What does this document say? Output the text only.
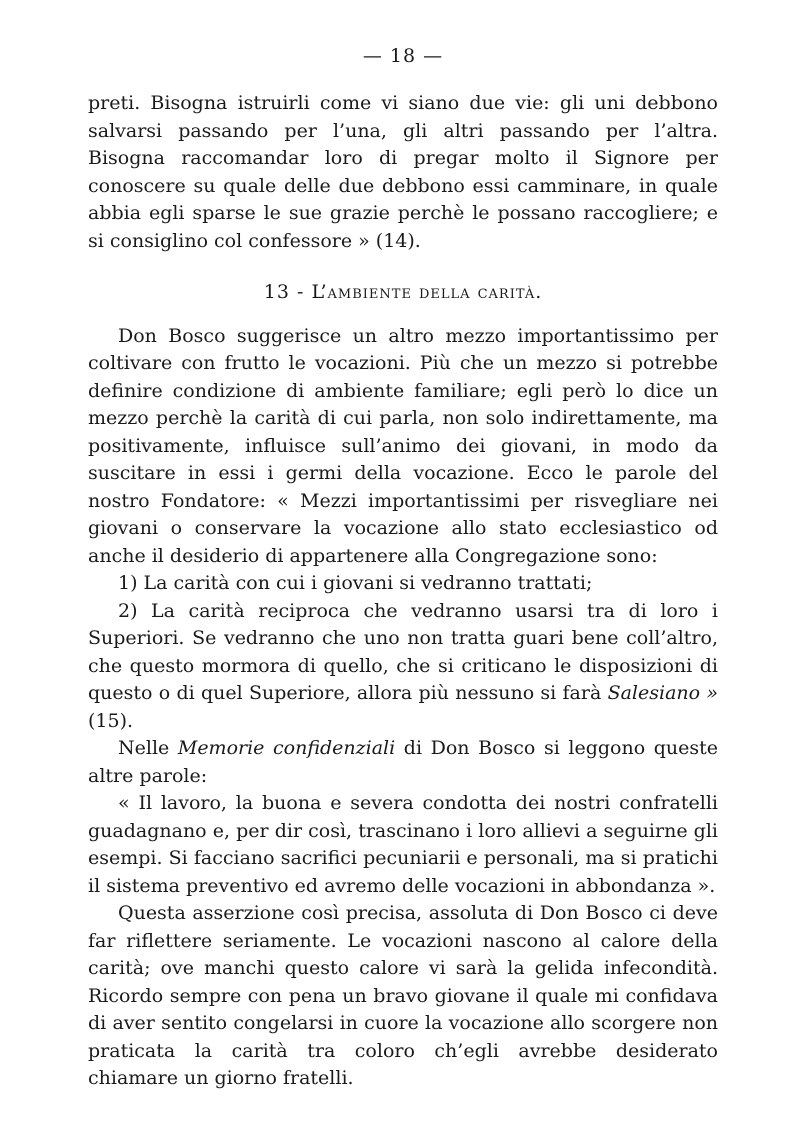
— 18 —

preti. Bisogna istruirli come vi siano due vie: gli uni debbono salvarsi passando per l’una, gli altri passando per l’altra. Bisogna raccomandar loro di pregar molto il Signore per conoscere su quale delle due debbono essi camminare, in quale abbia egli sparse le sue grazie perchè le possano raccogliere; e si consiglino col confessore » (14).

13 - L’ambiente della carità.

Don Bosco suggerisce un altro mezzo importantissimo per coltivare con frutto le vocazioni. Più che un mezzo si potrebbe definire condizione di ambiente familiare; egli però lo dice un mezzo perchè la carità di cui parla, non solo indirettamente, ma positivamente, influisce sull’animo dei giovani, in modo da suscitare in essi i germi della vocazione. Ecco le parole del nostro Fondatore: « Mezzi importantissimi per risvegliare nei giovani o conservare la vocazione allo stato ecclesiastico od anche il desiderio di appartenere alla Congregazione sono:

1) La carità con cui i giovani si vedranno trattati;

2) La carità reciproca che vedranno usarsi tra di loro i Superiori. Se vedranno che uno non tratta guari bene coll’altro, che questo mormora di quello, che si criticano le disposizioni di questo o di quel Superiore, allora più nessuno si farà Salesiano » (15).

Nelle Memorie confidenziali di Don Bosco si leggono queste altre parole:

« Il lavoro, la buona e severa condotta dei nostri confratelli guadagnano e, per dir così, trascinano i loro allievi a seguirne gli esempi. Si facciano sacrifici pecuniarii e personali, ma si pratichi il sistema preventivo ed avremo delle vocazioni in abbondanza ».

Questa asserzione così precisa, assoluta di Don Bosco ci deve far riflettere seriamente. Le vocazioni nascono al calore della carità; ove manchi questo calore vi sarà la gelida infecondità. Ricordo sempre con pena un bravo giovane il quale mi confidava di aver sentito congelarsi in cuore la vocazione allo scorgere non praticata la carità tra coloro ch’egli avrebbe desiderato chiamare un giorno fratelli.
